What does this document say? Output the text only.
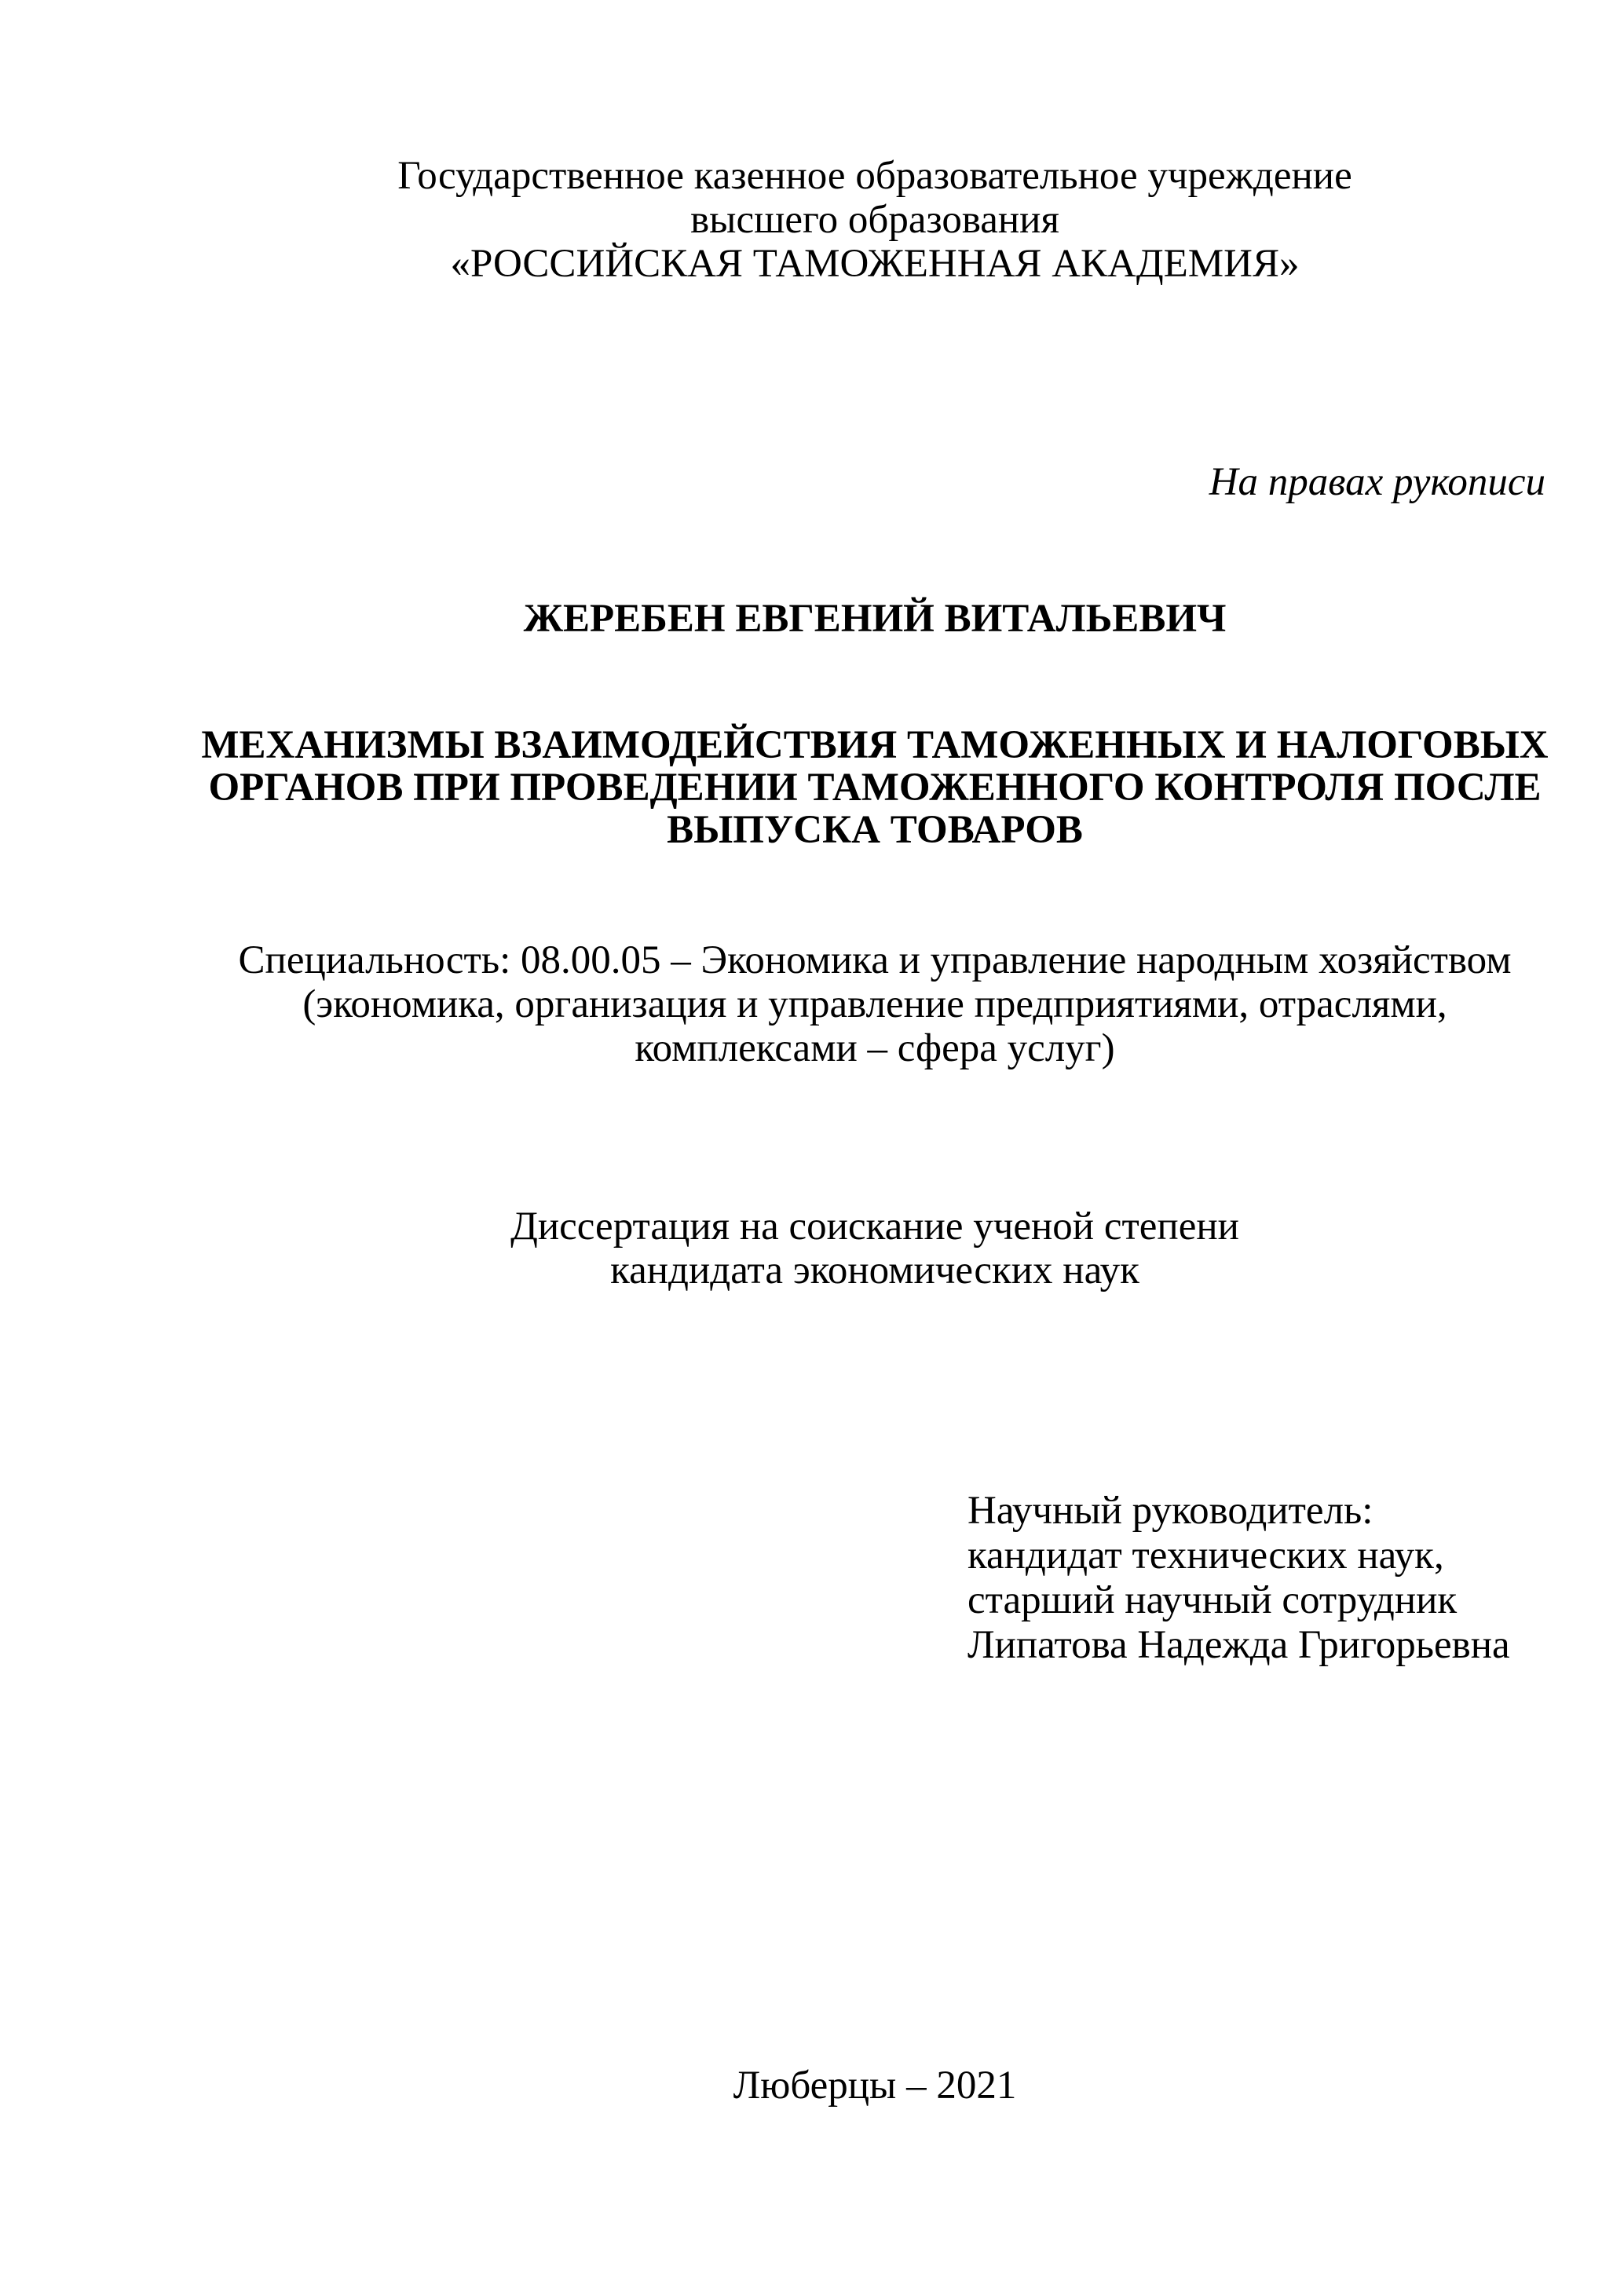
Государственное казенное образовательное учреждение
высшего образования
«РОССИЙСКАЯ ТАМОЖЕННАЯ АКАДЕМИЯ»
На правах рукописи
ЖЕРЕБЕН ЕВГЕНИЙ ВИТАЛЬЕВИЧ
МЕХАНИЗМЫ ВЗАИМОДЕЙСТВИЯ ТАМОЖЕННЫХ И НАЛОГОВЫХ
ОРГАНОВ ПРИ ПРОВЕДЕНИИ ТАМОЖЕННОГО КОНТРОЛЯ ПОСЛЕ
ВЫПУСКА ТОВАРОВ
Специальность: 08.00.05 – Экономика и управление народным хозяйством
(экономика, организация и управление предприятиями, отраслями,
комплексами – сфера услуг)
Диссертация на соискание ученой степени
кандидата экономических наук
Научный руководитель:
кандидат технических наук,
старший научный сотрудник
Липатова Надежда Григорьевна
Люберцы – 2021
